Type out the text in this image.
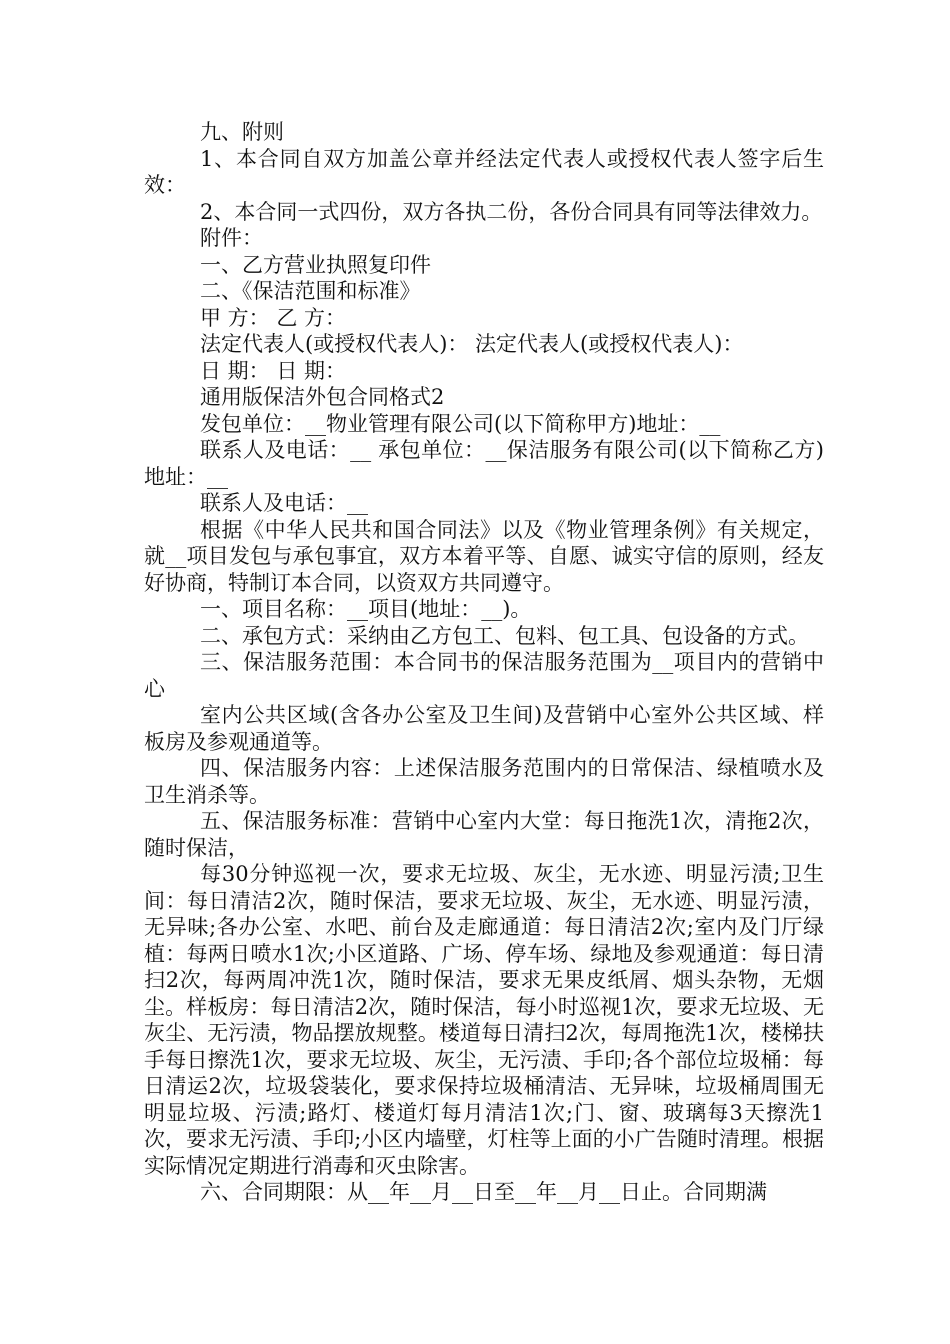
九、附则

1、本合同自双方加盖公章并经法定代表人或授权代表人签字后生效：

2、本合同一式四份，双方各执二份，各份合同具有同等法律效力。

附件：

一、乙方营业执照复印件

二、《保洁范围和标准》

甲 方： 乙 方：

法定代表人(或授权代表人)： 法定代表人(或授权代表人)：

日 期： 日 期：

通用版保洁外包合同格式2

发包单位：__物业管理有限公司(以下简称甲方)地址：__

联系人及电话：__ 承包单位：__保洁服务有限公司(以下简称乙方)地址：__

联系人及电话：__

根据《中华人民共和国合同法》以及《物业管理条例》有关规定，就__项目发包与承包事宜，双方本着平等、自愿、诚实守信的原则，经友好协商，特制订本合同，以资双方共同遵守。

一、项目名称：__项目(地址：__)。

二、承包方式：采纳由乙方包工、包料、包工具、包设备的方式。

三、保洁服务范围：本合同书的保洁服务范围为__项目内的营销中心

室内公共区域(含各办公室及卫生间)及营销中心室外公共区域、样板房及参观通道等。

四、保洁服务内容：上述保洁服务范围内的日常保洁、绿植喷水及卫生消杀等。

五、保洁服务标准：营销中心室内大堂：每日拖洗1次，清拖2次，随时保洁，

每30分钟巡视一次，要求无垃圾、灰尘，无水迹、明显污渍;卫生间：每日清洁2次，随时保洁，要求无垃圾、灰尘，无水迹、明显污渍，无异味;各办公室、水吧、前台及走廊通道：每日清洁2次;室内及门厅绿植：每两日喷水1次;小区道路、广场、停车场、绿地及参观通道：每日清扫2次，每两周冲洗1次，随时保洁，要求无果皮纸屑、烟头杂物，无烟尘。样板房：每日清洁2次，随时保洁，每小时巡视1次，要求无垃圾、无灰尘、无污渍，物品摆放规整。楼道每日清扫2次，每周拖洗1次，楼梯扶手每日擦洗1次，要求无垃圾、灰尘，无污渍、手印;各个部位垃圾桶：每日清运2次，垃圾袋装化，要求保持垃圾桶清洁、无异味，垃圾桶周围无明显垃圾、污渍;路灯、楼道灯每月清洁1次;门、窗、玻璃每3天擦洗1次，要求无污渍、手印;小区内墙壁，灯柱等上面的小广告随时清理。根据实际情况定期进行消毒和灭虫除害。

六、合同期限：从__年__月__日至__年__月__日止。合同期满
